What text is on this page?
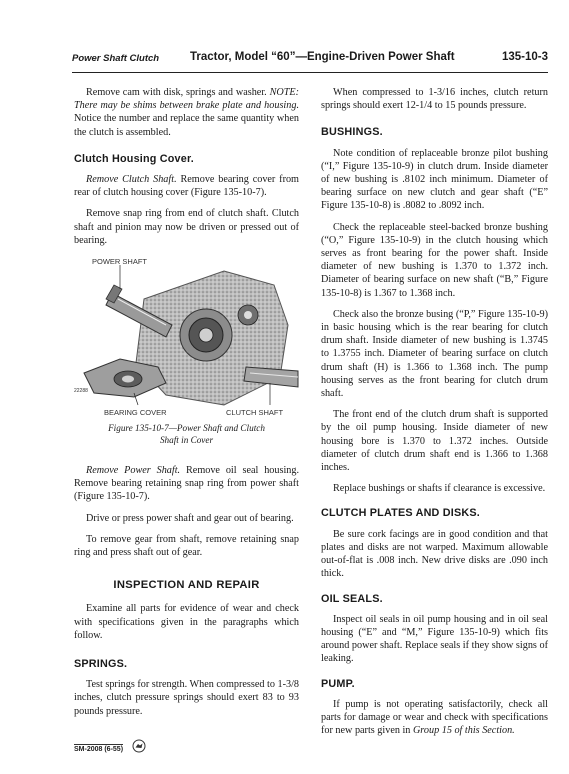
Power Shaft Clutch	Tractor, Model “60”—Engine-Driven Power Shaft	135-10-3

Remove cam with disk, springs and washer. NOTE: There may be shims between brake plate and housing. Notice the number and replace the same quantity when the clutch is assembled.

Clutch Housing Cover.

Remove Clutch Shaft. Remove bearing cover from rear of clutch housing cover (Figure 135-10-7).

Remove snap ring from end of clutch shaft. Clutch shaft and pinion may now be driven or pressed out of bearing.

POWER SHAFT
22288
BEARING COVER	CLUTCH SHAFT
Figure 135-10-7—Power Shaft and Clutch
Shaft in Cover

Remove Power Shaft. Remove oil seal housing. Remove bearing retaining snap ring from power shaft (Figure 135-10-7).

Drive or press power shaft and gear out of bearing.

To remove gear from shaft, remove retaining snap ring and press shaft out of gear.

INSPECTION AND REPAIR

Examine all parts for evidence of wear and check with specifications given in the paragraphs which follow.

SPRINGS.

Test springs for strength. When compressed to 1-3/8 inches, clutch pressure springs should exert 83 to 93 pounds pressure.

When compressed to 1-3/16 inches, clutch return springs should exert 12-1/4 to 15 pounds pressure.

BUSHINGS.

Note condition of replaceable bronze pilot bushing (“I,” Figure 135-10-9) in clutch drum. Inside diameter of new bushing is .8102 inch minimum. Diameter of bearing surface on new clutch and gear shaft (“E” Figure 135-10-8) is .8082 to .8092 inch.

Check the replaceable steel-backed bronze bushing (“O,” Figure 135-10-9) in the clutch housing which serves as front bearing for the power shaft. Inside diameter of new bushing is 1.370 to 1.372 inch. Diameter of bearing surface on new shaft (“B,” Figure 135-10-8) is 1.367 to 1.368 inch.

Check also the bronze busing (“P,” Figure 135-10-9) in basic housing which is the rear bearing for clutch drum shaft. Inside diameter of new bushing is 1.3745 to 1.3755 inch. Diameter of bearing surface on clutch drum shaft (H) is 1.366 to 1.368 inch. The pump housing serves as the front bearing for clutch drum shaft.

The front end of the clutch drum shaft is supported by the oil pump housing. Inside diameter of new housing bore is 1.370 to 1.372 inches. Outside diameter of clutch drum shaft end is 1.366 to 1.368 inches.

Replace bushings or shafts if clearance is excessive.

CLUTCH PLATES AND DISKS.

Be sure cork facings are in good condition and that plates and disks are not warped. Maximum allowable out-of-flat is .008 inch. New drive disks are .090 inch thick.

OIL SEALS.

Inspect oil seals in oil pump housing and in oil seal housing (“E” and “M,” Figure 135-10-9) which fits around power shaft. Replace seals if they show signs of leaking.

PUMP.

If pump is not operating satisfactorily, check all parts for damage or wear and check with specifications for new parts given in Group 15 of this Section.

SM-2008 (6-55)
